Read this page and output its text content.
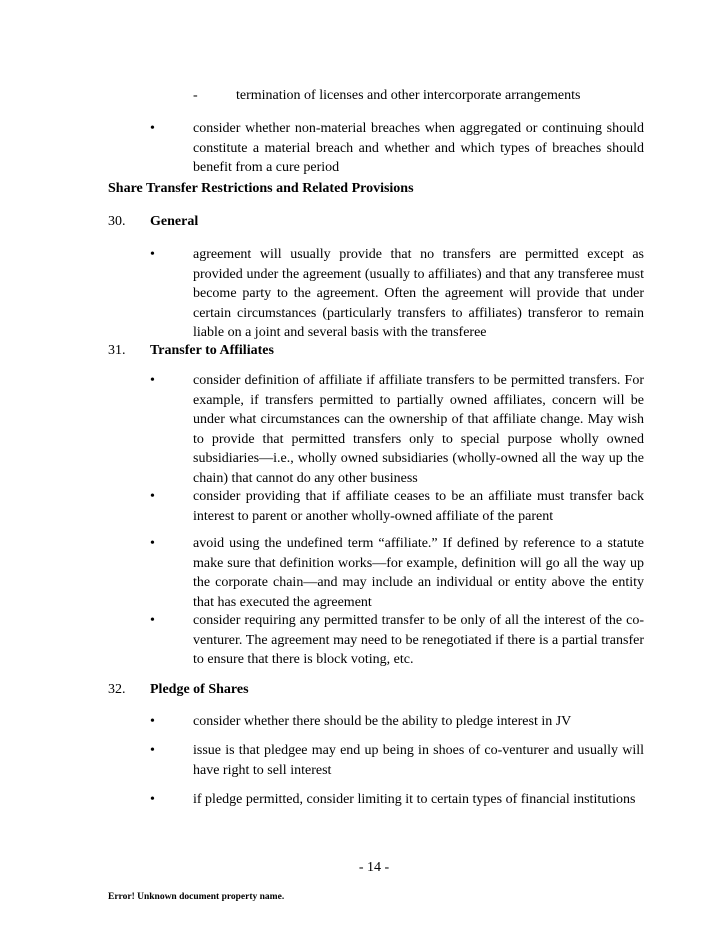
-	termination of licenses and other intercorporate arrangements
•	consider whether non-material breaches when aggregated or continuing should constitute a material breach and whether and which types of breaches should benefit from a cure period
Share Transfer Restrictions and Related Provisions
30. General
•	agreement will usually provide that no transfers are permitted except as provided under the agreement (usually to affiliates) and that any transferee must become party to the agreement. Often the agreement will provide that under certain circumstances (particularly transfers to affiliates) transferor to remain liable on a joint and several basis with the transferee
31. Transfer to Affiliates
•	consider definition of affiliate if affiliate transfers to be permitted transfers. For example, if transfers permitted to partially owned affiliates, concern will be under what circumstances can the ownership of that affiliate change. May wish to provide that permitted transfers only to special purpose wholly owned subsidiaries—i.e., wholly owned subsidiaries (wholly-owned all the way up the chain) that cannot do any other business
•	consider providing that if affiliate ceases to be an affiliate must transfer back interest to parent or another wholly-owned affiliate of the parent
•	avoid using the undefined term “affiliate.” If defined by reference to a statute make sure that definition works—for example, definition will go all the way up the corporate chain—and may include an individual or entity above the entity that has executed the agreement
•	consider requiring any permitted transfer to be only of all the interest of the co-venturer. The agreement may need to be renegotiated if there is a partial transfer to ensure that there is block voting, etc.
32. Pledge of Shares
•	consider whether there should be the ability to pledge interest in JV
•	issue is that pledgee may end up being in shoes of co-venturer and usually will have right to sell interest
•	if pledge permitted, consider limiting it to certain types of financial institutions
- 14 -
Error! Unknown document property name.
